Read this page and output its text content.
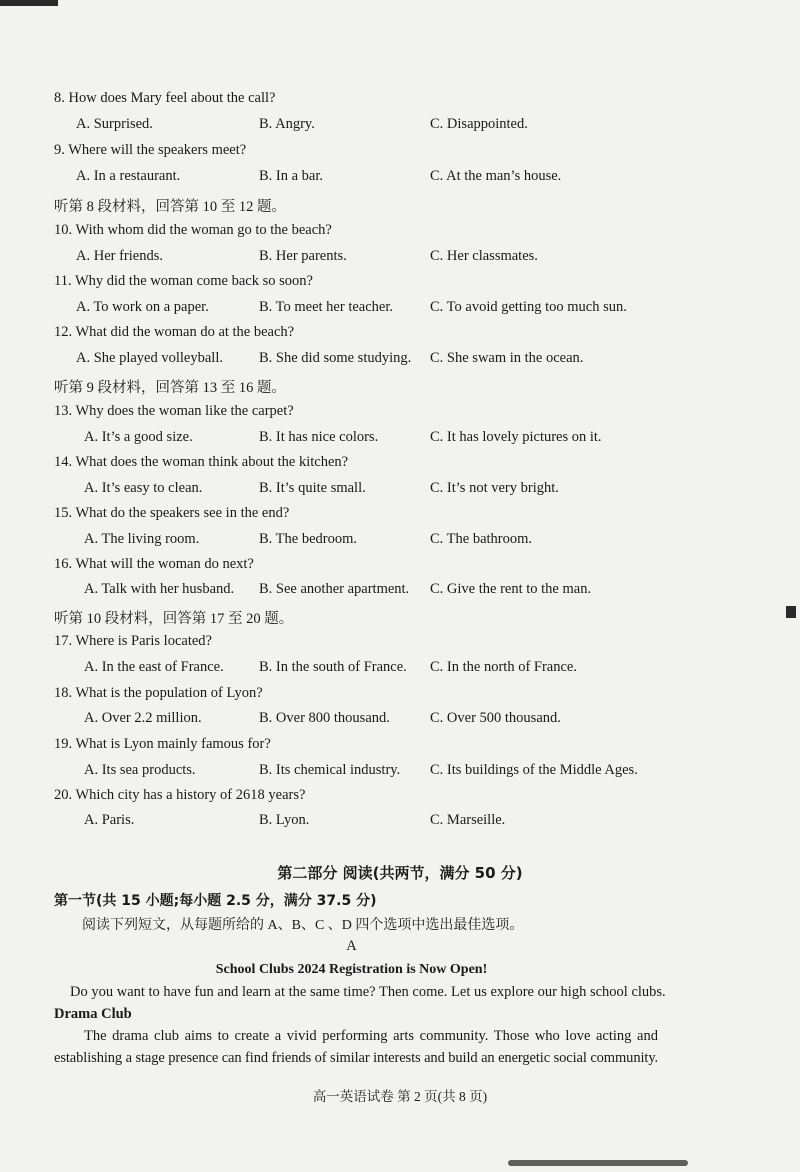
8. How does Mary feel about the call?
A. Surprised.	B. Angry.	C. Disappointed.
9. Where will the speakers meet?
A. In a restaurant.	B. In a bar.	C. At the man’s house.
听第 8 段材料，回答第 10 至 12 题。
10. With whom did the woman go to the beach?
A. Her friends.	B. Her parents.	C. Her classmates.
11. Why did the woman come back so soon?
A. To work on a paper.	B. To meet her teacher.	C. To avoid getting too much sun.
12. What did the woman do at the beach?
A. She played volleyball. B. She did some studying. C. She swam in the ocean.
听第 9 段材料，回答第 13 至 16 题。
13. Why does the woman like the carpet?
A. It’s a good size.	B. It has nice colors.	C. It has lovely pictures on it.
14. What does the woman think about the kitchen?
A. It’s easy to clean.	B. It’s quite small.	C. It’s not very bright.
15. What do the speakers see in the end?
A. The living room.	B. The bedroom.	C. The bathroom.
16. What will the woman do next?
A. Talk with her husband. B. See another apartment. C. Give the rent to the man.
听第 10 段材料，回答第 17 至 20 题。
17. Where is Paris located?
A. In the east of France. B. In the south of France. C. In the north of France.
18. What is the population of Lyon?
A. Over 2.2 million.	B. Over 800 thousand.	C. Over 500 thousand.
19. What is Lyon mainly famous for?
A. Its sea products.	B. Its chemical industry. C. Its buildings of the Middle Ages.
20. Which city has a history of 2618 years?
A. Paris.	B. Lyon.	C. Marseille.
第二部分 阅读(共两节，满分 50 分)
第一节(共 15 小题;每小题 2.5 分，满分 37.5 分)
阅读下列短文，从每题所给的 A、B、C 、D 四个选项中选出最佳选项。
A
School Clubs 2024 Registration is Now Open!
Do you want to have fun and learn at the same time? Then come. Let us explore our high school clubs.
Drama Club
The drama club aims to create a vivid performing arts community. Those who love acting and
establishing a stage presence can find friends of similar interests and build an energetic social community.
高一英语试卷 第 2 页(共 8 页)
